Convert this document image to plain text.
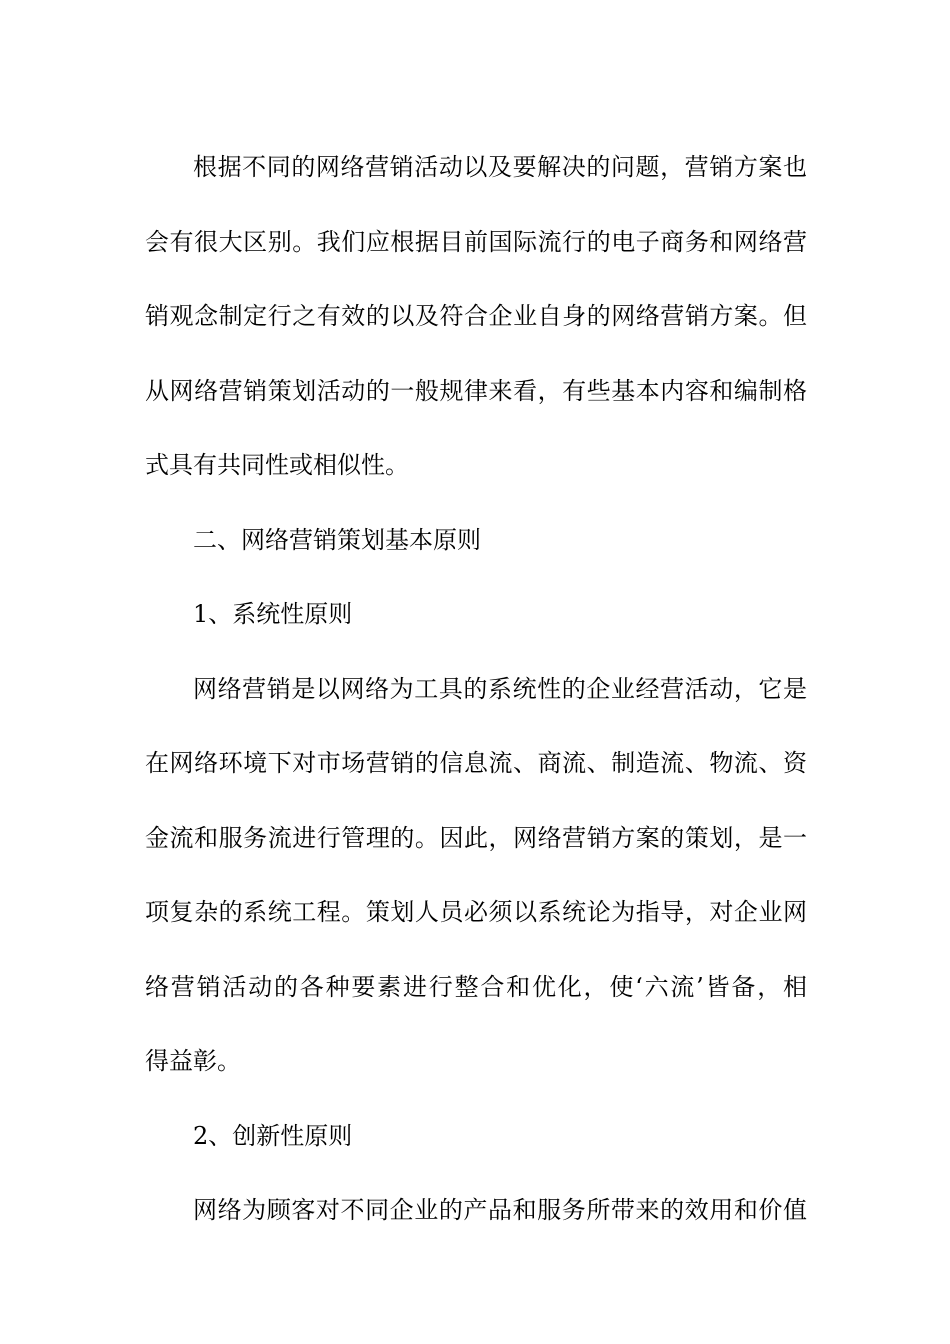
根据不同的网络营销活动以及要解决的问题，营销方案也
会有很大区别。我们应根据目前国际流行的电子商务和网络营
销观念制定行之有效的以及符合企业自身的网络营销方案。但
从网络营销策划活动的一般规律来看，有些基本内容和编制格
式具有共同性或相似性。
二、网络营销策划基本原则
1、系统性原则
网络营销是以网络为工具的系统性的企业经营活动，它是
在网络环境下对市场营销的信息流、商流、制造流、物流、资
金流和服务流进行管理的。因此，网络营销方案的策划，是一
项复杂的系统工程。策划人员必须以系统论为指导，对企业网
络营销活动的各种要素进行整合和优化，使‘六流’皆备，相
得益彰。
2、创新性原则
网络为顾客对不同企业的产品和服务所带来的效用和价值
